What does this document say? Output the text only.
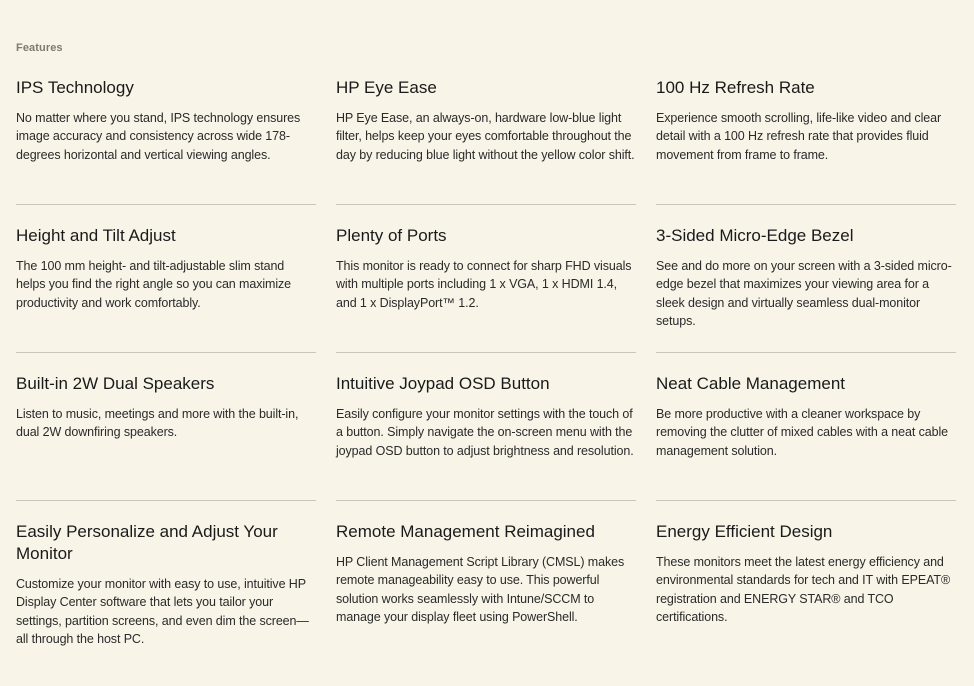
Features
IPS Technology

No matter where you stand, IPS technology ensures image accuracy and consistency across wide 178-degrees horizontal and vertical viewing angles.

HP Eye Ease

HP Eye Ease, an always-on, hardware low-blue light filter, helps keep your eyes comfortable throughout the day by reducing blue light without the yellow color shift.

100 Hz Refresh Rate

Experience smooth scrolling, life-like video and clear detail with a 100 Hz refresh rate that provides fluid movement from frame to frame.

Height and Tilt Adjust

The 100 mm height- and tilt-adjustable slim stand helps you find the right angle so you can maximize productivity and work comfortably.

Plenty of Ports

This monitor is ready to connect for sharp FHD visuals with multiple ports including 1 x VGA, 1 x HDMI 1.4, and 1 x DisplayPort™ 1.2.

3-Sided Micro-Edge Bezel

See and do more on your screen with a 3-sided micro-edge bezel that maximizes your viewing area for a sleek design and virtually seamless dual-monitor setups.

Built-in 2W Dual Speakers

Listen to music, meetings and more with the built-in, dual 2W downfiring speakers.

Intuitive Joypad OSD Button

Easily configure your monitor settings with the touch of a button. Simply navigate the on-screen menu with the joypad OSD button to adjust brightness and resolution.

Neat Cable Management

Be more productive with a cleaner workspace by removing the clutter of mixed cables with a neat cable management solution.

Easily Personalize and Adjust Your Monitor

Customize your monitor with easy to use, intuitive HP Display Center software that lets you tailor your settings, partition screens, and even dim the screen—all through the host PC.

Remote Management Reimagined

HP Client Management Script Library (CMSL) makes remote manageability easy to use. This powerful solution works seamlessly with Intune/SCCM to manage your display fleet using PowerShell.

Energy Efficient Design

These monitors meet the latest energy efficiency and environmental standards for tech and IT with EPEAT® registration and ENERGY STAR® and TCO certifications.
